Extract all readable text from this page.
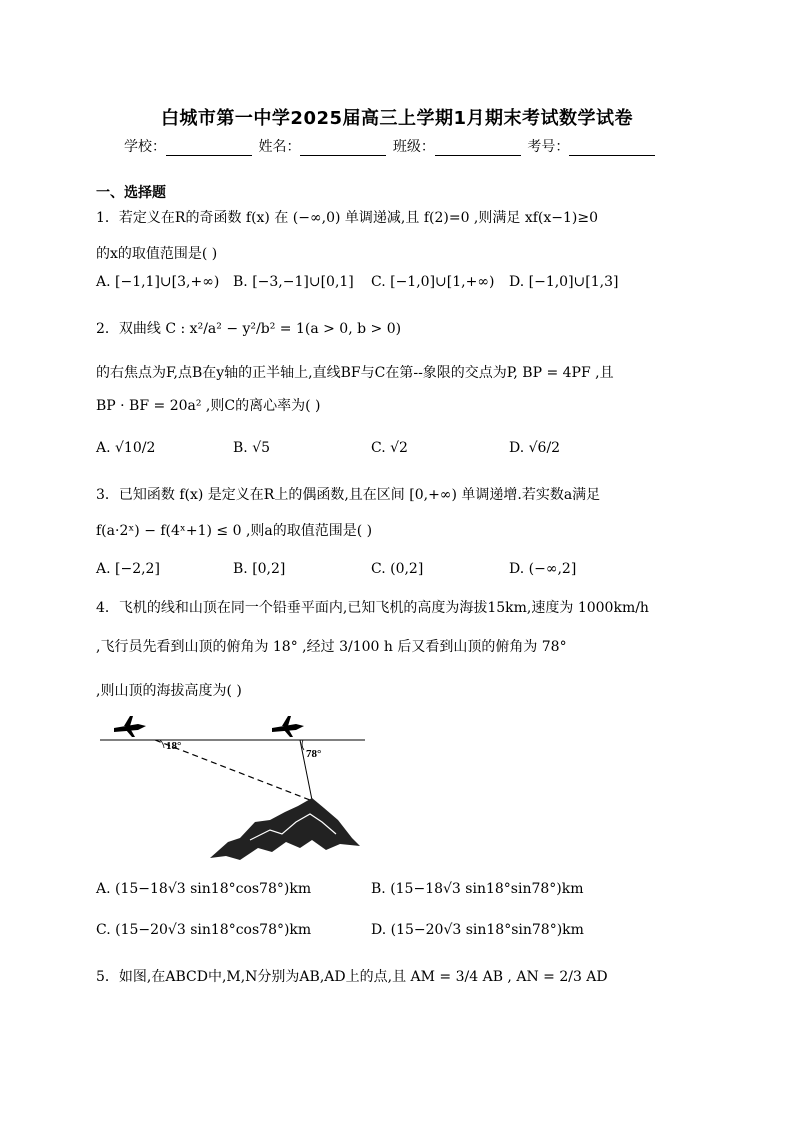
白城市第一中学2025届高三上学期1月期末考试数学试卷
学校：	姓名：	班级：	考号：
一、选择题
1．若定义在R的奇函数 f(x) 在 (−∞,0) 单调递减,且 f(2)=0 ,则满足 xf(x−1)≥0
的x的取值范围是( )
A. [−1,1]∪[3,+∞) B. [−3,−1]∪[0,1] C. [−1,0]∪[1,+∞) D. [−1,0]∪[1,3]
2．双曲线 C : x²/a² − y²/b² = 1(a > 0, b > 0)
的右焦点为F,点B在y轴的正半轴上,直线BF与C在第--象限的交点为P, BP = 4PF ,且
BP · BF = 20a² ,则C的离心率为( )
A. √10/2	B. √5	C. √2	D. √6/2
3．已知函数 f(x) 是定义在R上的偶函数,且在区间 [0,+∞) 单调递增.若实数a满足
f(a·2ˣ) − f(4ˣ+1) ≤ 0 ,则a的取值范围是( )
A. [−2,2]	B. [0,2]	C. (0,2]	D. (−∞,2]
4．飞机的线和山顶在同一个铅垂平面内,已知飞机的高度为海拔15km,速度为 1000km/h
,飞行员先看到山顶的俯角为 18° ,经过 3/100 h 后又看到山顶的俯角为 78°
,则山顶的海拔高度为( )
18°
78°
A. (15−18√3 sin18°cos78°)km	B. (15−18√3 sin18°sin78°)km
C. (15−20√3 sin18°cos78°)km	D. (15−20√3 sin18°sin78°)km
5．如图,在ABCD中,M,N分别为AB,AD上的点,且 AM = 3/4 AB , AN = 2/3 AD
